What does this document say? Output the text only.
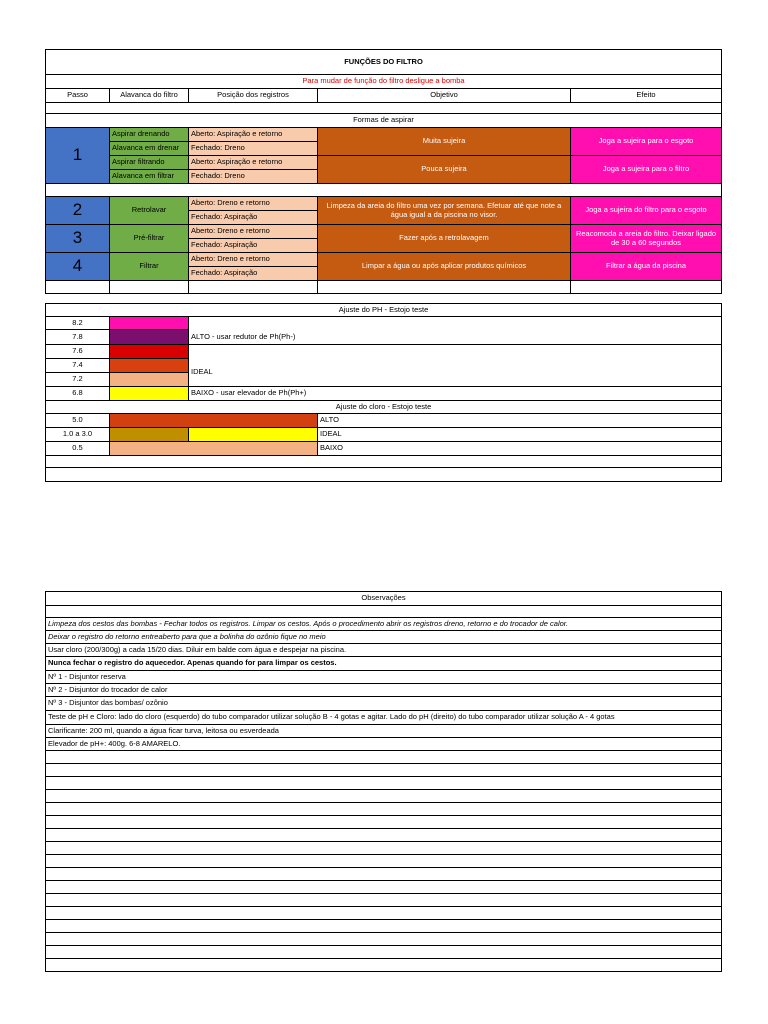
FUNÇÕES DO FILTRO				
Para mudar de função do filtro desligue a bomba				
Passo	Alavanca do filtro	Posição dos registros	Objetivo	Efeito

Formas de aspirar				
1	Aspirar drenando	Aberto: Aspiração e retorno	Muita sujeira	Joga a sujeira para o esgoto
	Alavanca em drenar	Fechado: Dreno		
	Aspirar filtrando	Aberto: Aspiração e retorno	Pouca sujeira	Joga a sujeira para o filtro
	Alavanca em filtrar	Fechado: Dreno		

2	Retrolavar	Aberto: Dreno e retorno	Limpeza da areia do filtro uma vez por semana. Efetuar até que note a água igual a da piscina no visor.	Joga a sujeira do filtro para o esgoto
		Fechado: Aspiração		
3	Pré-filtrar	Aberto: Dreno e retorno	Fazer após a retrolavagem	Reacomoda a areia do filtro. Deixar ligado de 30 a 60 segundos
		Fechado: Aspiração		
4	Filtrar	Aberto: Dreno e retorno	Limpar a água ou após aplicar produtos químicos	Filtrar a água da piscina
		Fechado: Aspiração		

Ajuste do PH - Estojo teste			
8.2			
7.8		ALTO - usar redutor de Ph(Ph-)	
7.6			
7.4		IDEAL	
7.2			
6.8		BAIXO - usar elevador de Ph(Ph+)	
Ajuste do cloro - Estojo teste			
5.0			ALTO
1.0 a 3.0			IDEAL
0.5			BAIXO

Observações

Limpeza dos cestos das bombas - Fechar todos os registros. Limpar os cestos. Após o procedimento abrir os registros dreno, retorno e do trocador de calor.
Deixar o registro do retorno entreaberto para que a bolinha do ozônio fique no meio
Usar cloro (200/300g) a cada 15/20 dias. Diluir em balde com água e despejar na piscina.
Nunca fechar o registro do aquecedor. Apenas quando for para limpar os cestos.
Nº 1 - Disjuntor reserva
Nº 2 - Disjuntor do trocador de calor
Nº 3 - Disjuntor das bombas/ ozônio
Teste de pH e Cloro: lado do cloro (esquerdo) do tubo comparador utilizar solução B - 4 gotas e agitar. Lado do pH (direito) do tubo comparador utilizar solução A - 4 gotas
Clarificante: 200 ml, quando a água ficar turva, leitosa ou esverdeada
Elevador de pH+: 400g. 6-8 AMARELO.
